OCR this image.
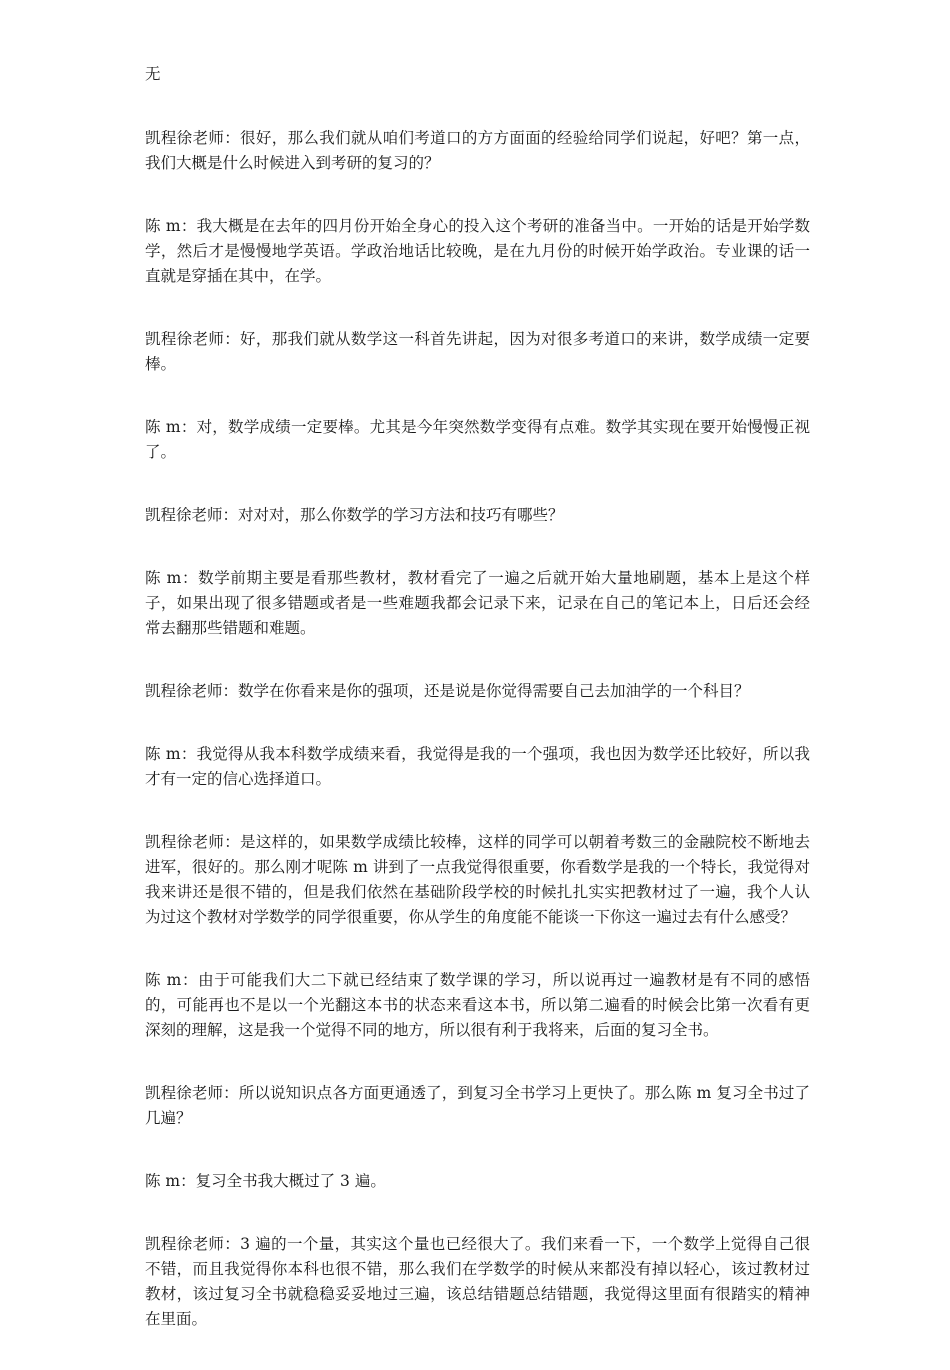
无

凯程徐老师：很好，那么我们就从咱们考道口的方方面面的经验给同学们说起，好吧？第一点，我们大概是什么时候进入到考研的复习的？

陈 m：我大概是在去年的四月份开始全身心的投入这个考研的准备当中。一开始的话是开始学数学，然后才是慢慢地学英语。学政治地话比较晚，是在九月份的时候开始学政治。专业课的话一直就是穿插在其中，在学。

凯程徐老师：好，那我们就从数学这一科首先讲起，因为对很多考道口的来讲，数学成绩一定要棒。

陈 m：对，数学成绩一定要棒。尤其是今年突然数学变得有点难。数学其实现在要开始慢慢正视了。

凯程徐老师：对对对，那么你数学的学习方法和技巧有哪些？

陈 m：数学前期主要是看那些教材，教材看完了一遍之后就开始大量地刷题，基本上是这个样子，如果出现了很多错题或者是一些难题我都会记录下来，记录在自己的笔记本上，日后还会经常去翻那些错题和难题。

凯程徐老师：数学在你看来是你的强项，还是说是你觉得需要自己去加油学的一个科目？

陈 m：我觉得从我本科数学成绩来看，我觉得是我的一个强项，我也因为数学还比较好，所以我才有一定的信心选择道口。

凯程徐老师：是这样的，如果数学成绩比较棒，这样的同学可以朝着考数三的金融院校不断地去进军，很好的。那么刚才呢陈 m 讲到了一点我觉得很重要，你看数学是我的一个特长，我觉得对我来讲还是很不错的，但是我们依然在基础阶段学校的时候扎扎实实把教材过了一遍，我个人认为过这个教材对学数学的同学很重要，你从学生的角度能不能谈一下你这一遍过去有什么感受？

陈 m：由于可能我们大二下就已经结束了数学课的学习，所以说再过一遍教材是有不同的感悟的，可能再也不是以一个光翻这本书的状态来看这本书，所以第二遍看的时候会比第一次看有更深刻的理解，这是我一个觉得不同的地方，所以很有利于我将来，后面的复习全书。

凯程徐老师：所以说知识点各方面更通透了，到复习全书学习上更快了。那么陈 m 复习全书过了几遍？

陈 m：复习全书我大概过了 3 遍。

凯程徐老师：3 遍的一个量，其实这个量也已经很大了。我们来看一下，一个数学上觉得自己很不错，而且我觉得你本科也很不错，那么我们在学数学的时候从来都没有掉以轻心，该过教材过教材，该过复习全书就稳稳妥妥地过三遍，该总结错题总结错题，我觉得这里面有很踏实的精神在里面。
